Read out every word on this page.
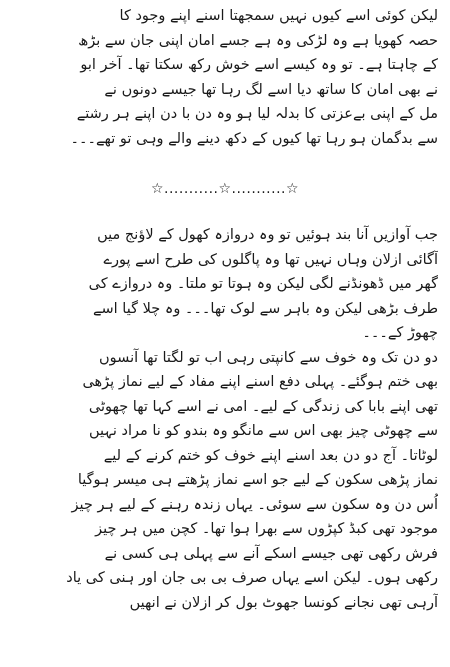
لیکن کوئی اسے کیوں نہیں سمجھتا اسنے اپنے وجود کا
حصہ کھویا ہے وہ لڑکی وہ ہے جسے امان اپنی جان سے بڑھ
کے چاہتا ہے۔ تو وہ کیسے اسے خوش رکھ سکتا تھا۔ آخر ابو
نے بھی امان کا ساتھ دیا اسے لگ رہا تھا جیسے دونوں نے
مل کے اپنی بےعزتی کا بدلہ لیا ہو وہ دن با دن اپنے ہر رشتے
سے بدگمان ہو رہا تھا کیوں کے دکھ دینے والے وہی تو تھے۔۔۔
☆...........☆...........☆
جب آوازیں آنا بند ہوئیں تو وہ دروازہ کھول کے لاؤنج میں
آگائی ازلان وہاں نہیں تھا وہ پاگلوں کی طرح اسے پورے
گھر میں ڈھونڈنے لگی لیکن وہ ہوتا تو ملتا۔ وہ دروازے کی
طرف بڑھی لیکن وہ باہر سے لوک تھا۔۔۔ وہ چلا گیا اسے
چھوڑ کے۔۔۔
دو دن تک وہ خوف سے کانپتی رہی اب تو لگتا تھا آنسوں
بھی ختم ہوگئے۔ پہلی دفع اسنے اپنے مفاد کے لیے نماز پڑھی
تھی اپنے بابا کی زندگی کے لیے۔ امی نے اسے کہا تھا چھوٹی
سے چھوٹی چیز بھی اس سے مانگو وہ بندو کو نا مراد نہیں
لوٹاتا۔ آج دو دن بعد اسنے اپنے خوف کو ختم کرنے کے لیے
نماز پڑھی سکون کے لیے جو اسے نماز پڑھتے ہی میسر ہوگیا
اُس دن وہ سکون سے سوئی۔ یہاں زندہ رہنے کے لیے ہر چیز
موجود تھی کبڈ کپڑوں سے بھرا ہوا تھا۔ کچن میں ہر چیز
فرش رکھی تھی جیسے اسکے آنے سے پہلی ہی کسی نے
رکھی ہوں۔ لیکن اسے یہاں صرف بی بی جان اور ہنی کی یاد
آرہی تھی نجانے کونسا جھوٹ بول کر ازلان نے انھیں
